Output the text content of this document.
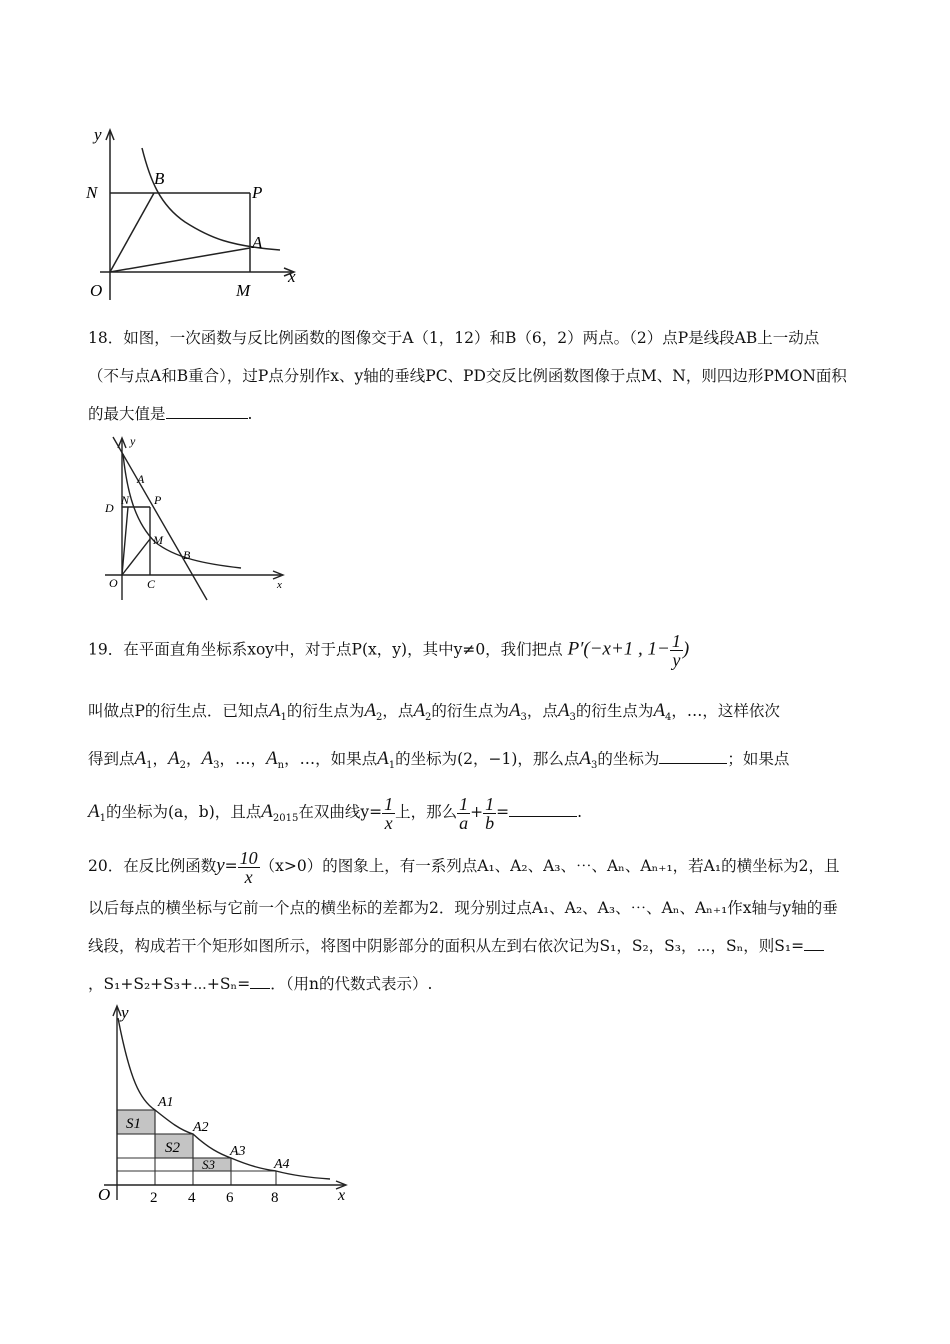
y
N
B
P
A
O	M
x
18．如图，一次函数与反比例函数的图像交于A（1，12）和B（6，2）两点。（2）点P是线段AB上一动点
（不与点A和B重合），过P点分别作x、y轴的垂线PC、PD交反比例函数图像于点M、N，则四边形PMON面积
的最大值是	.
y
A
D
N P
M
B
O C	x
19．在平面直角坐标系xoy中，对于点P(x，y)，其中y≠0，我们把点 P′(−x+1 , $1- \frac{1}{y}$ )
叫做点P的衍生点．已知点$A_1$的衍生点为$A_2$，点$A_2$的衍生点为$A_3$，点$A_3$的衍生点为$A_4$，…，这样依次
得到点$A_1$，$A_2$，$A_3$，…，$A_n$，…，如果点$A_1$的坐标为(2，−1)，那么点$A_3$的坐标为	；如果点
$A_1$的坐标为(a，b)，且点$A_{2015}$在双曲线$y= \frac{1}{x}$ 上，那么 $\frac{1}{a} + \frac{1}{b}$ =	.
20．在反比例函数$y= \frac{10}{x} (x>0)$的图象上，有一系列点A₁、A₂、A₃、⋯、Aₙ、Aₙ₊₁，若A₁的横坐标为2，且
以后每点的横坐标与它前一个点的横坐标的差都为2．现分别过点A₁、A₂、A₃、⋯、Aₙ、Aₙ₊₁作x轴与y轴的垂
线段，构成若干个矩形如图所示，将图中阴影部分的面积从左到右依次记为S₁，S₂，S₃，⋯，Sₙ，则S₁=
，S₁+S₂+S₃+⋯+Sₙ= ．（用n的代数式表示）.
y
O	x
2 4 6	8
A1
A2
A3
A4
S1
S2
S3
